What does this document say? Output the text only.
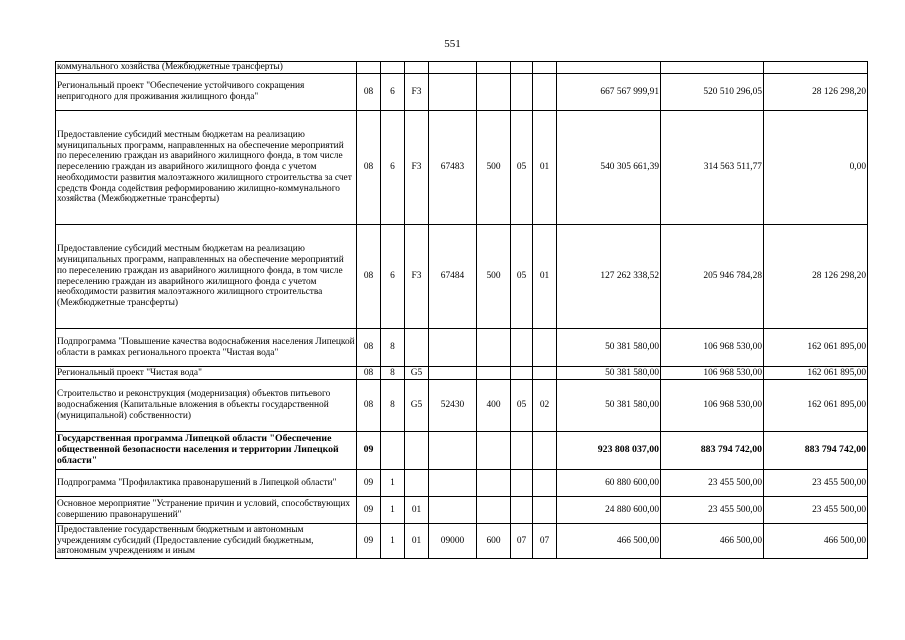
551
коммунального хозяйства (Межбюджетные трансферты)										
Региональный проект "Обеспечение устойчивого сокращения непригодного для проживания жилищного фонда"	08	6	F3					667 567 999,91	520 510 296,05	28 126 298,20
Предоставление субсидий местным бюджетам на реализацию муниципальных программ, направленных на обеспечение мероприятий по переселению граждан из аварийного жилищного фонда, в том числе переселению граждан из аварийного жилищного фонда с учетом необходимости развития малоэтажного жилищного строительства за счет средств Фонда содействия реформированию жилищно-коммунального хозяйства (Межбюджетные трансферты)	08	6	F3	67483	500	05	01	540 305 661,39	314 563 511,77	0,00
Предоставление субсидий местным бюджетам на реализацию муниципальных программ, направленных на обеспечение мероприятий по переселению граждан из аварийного жилищного фонда, в том числе переселению граждан из аварийного жилищного фонда с учетом необходимости развития малоэтажного жилищного строительства (Межбюджетные трансферты)	08	6	F3	67484	500	05	01	127 262 338,52	205 946 784,28	28 126 298,20
Подпрограмма "Повышение качества водоснабжения населения Липецкой области в рамках регионального проекта "Чистая вода"	08	8						50 381 580,00	106 968 530,00	162 061 895,00
Региональный проект "Чистая вода"	08	8	G5					50 381 580,00	106 968 530,00	162 061 895,00
Строительство и реконструкция (модернизация) объектов питьевого водоснабжения (Капитальные вложения в объекты государственной (муниципальной) собственности)	08	8	G5	52430	400	05	02	50 381 580,00	106 968 530,00	162 061 895,00
Государственная программа Липецкой области "Обеспечение общественной безопасности населения и территории Липецкой области"	09							923 808 037,00	883 794 742,00	883 794 742,00
Подпрограмма "Профилактика правонарушений в Липецкой области"	09	1						60 880 600,00	23 455 500,00	23 455 500,00
Основное мероприятие "Устранение причин и условий, способствующих совершению правонарушений"	09	1	01					24 880 600,00	23 455 500,00	23 455 500,00
Предоставление государственным бюджетным и автономным учреждениям субсидий (Предоставление субсидий бюджетным, автономным учреждениям и иным	09	1	01	09000	600	07	07	466 500,00	466 500,00	466 500,00
